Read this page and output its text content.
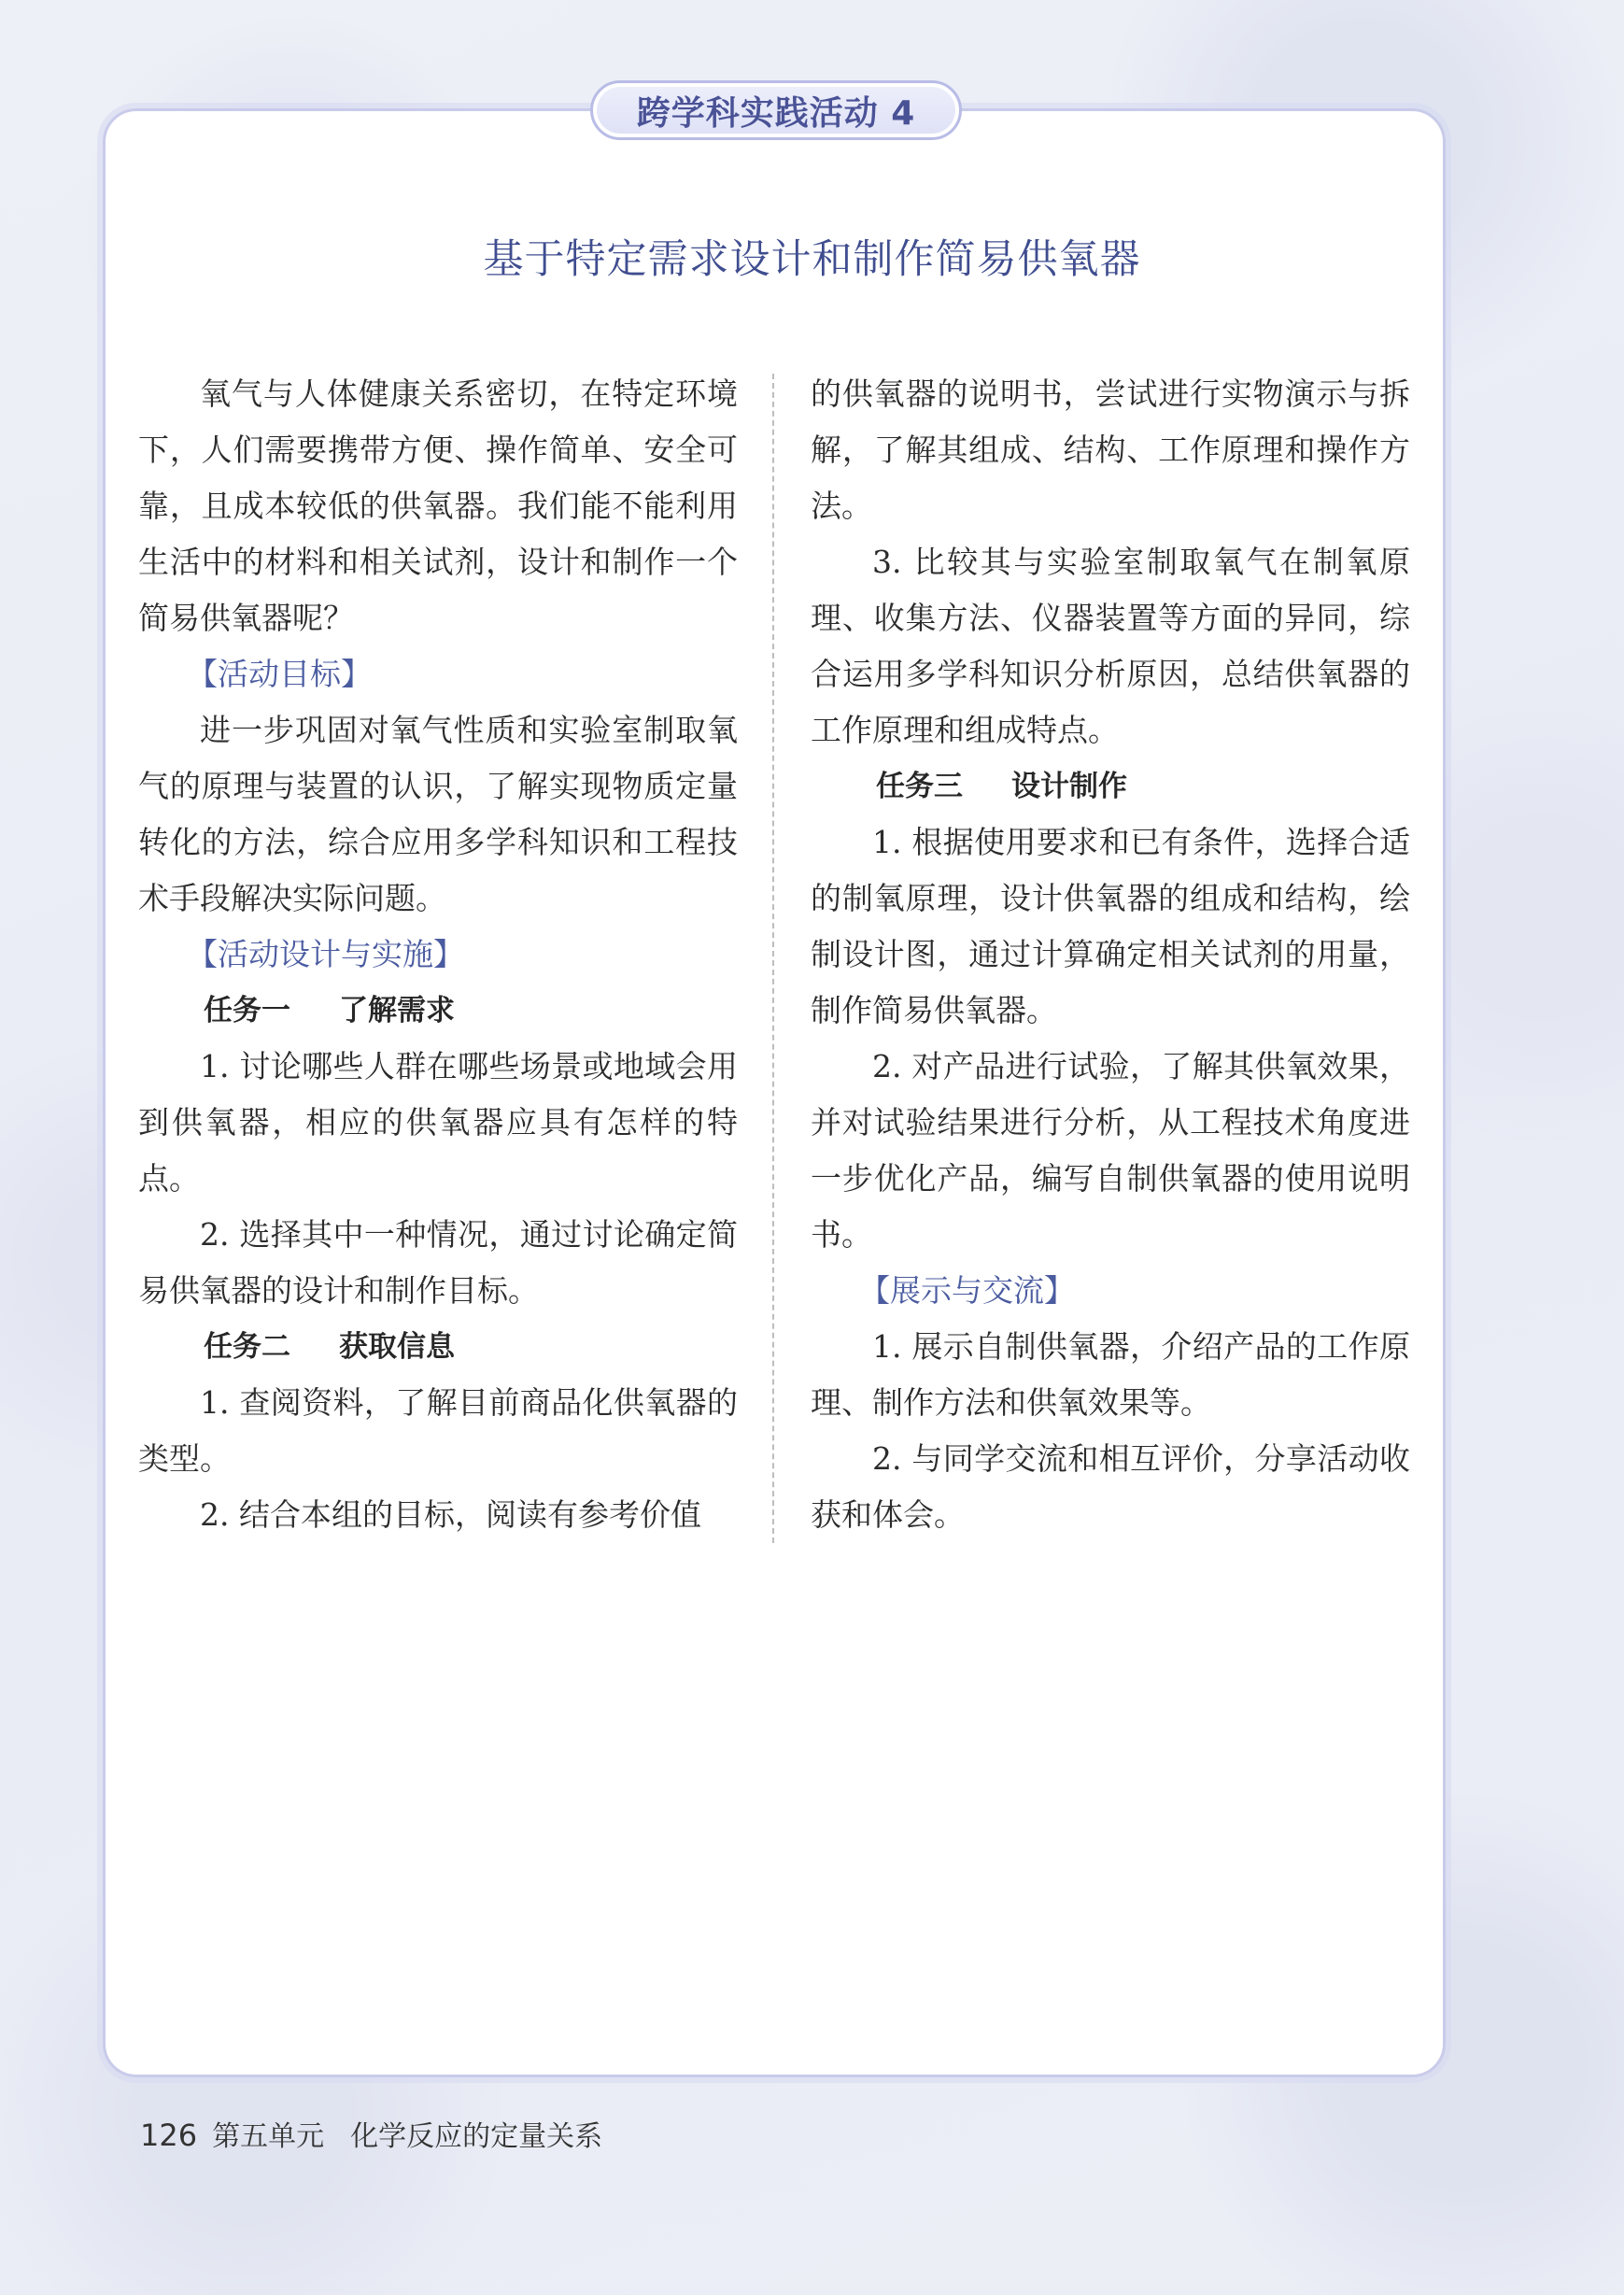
跨学科实践活动 4
基于特定需求设计和制作简易供氧器

氧气与人体健康关系密切，在特定环境下，人们需要携带方便、操作简单、安全可靠，且成本较低的供氧器。我们能不能利用生活中的材料和相关试剂，设计和制作一个简易供氧器呢？

【活动目标】

进一步巩固对氧气性质和实验室制取氧气的原理与装置的认识，了解实现物质定量转化的方法，综合应用多学科知识和工程技术手段解决实际问题。

【活动设计与实施】

任务一 了解需求

1. 讨论哪些人群在哪些场景或地域会用到供氧器，相应的供氧器应具有怎样的特点。

2. 选择其中一种情况，通过讨论确定简易供氧器的设计和制作目标。

任务二 获取信息

1. 查阅资料，了解目前商品化供氧器的类型。

2. 结合本组的目标，阅读有参考价值

的供氧器的说明书，尝试进行实物演示与拆解，了解其组成、结构、工作原理和操作方法。

3. 比较其与实验室制取氧气在制氧原理、收集方法、仪器装置等方面的异同，综合运用多学科知识分析原因，总结供氧器的工作原理和组成特点。

任务三 设计制作

1. 根据使用要求和已有条件，选择合适的制氧原理，设计供氧器的组成和结构，绘制设计图，通过计算确定相关试剂的用量，制作简易供氧器。

2. 对产品进行试验，了解其供氧效果，并对试验结果进行分析，从工程技术角度进一步优化产品，编写自制供氧器的使用说明书。

【展示与交流】

1. 展示自制供氧器，介绍产品的工作原理、制作方法和供氧效果等。

2. 与同学交流和相互评价，分享活动收获和体会。

126 第五单元 化学反应的定量关系
